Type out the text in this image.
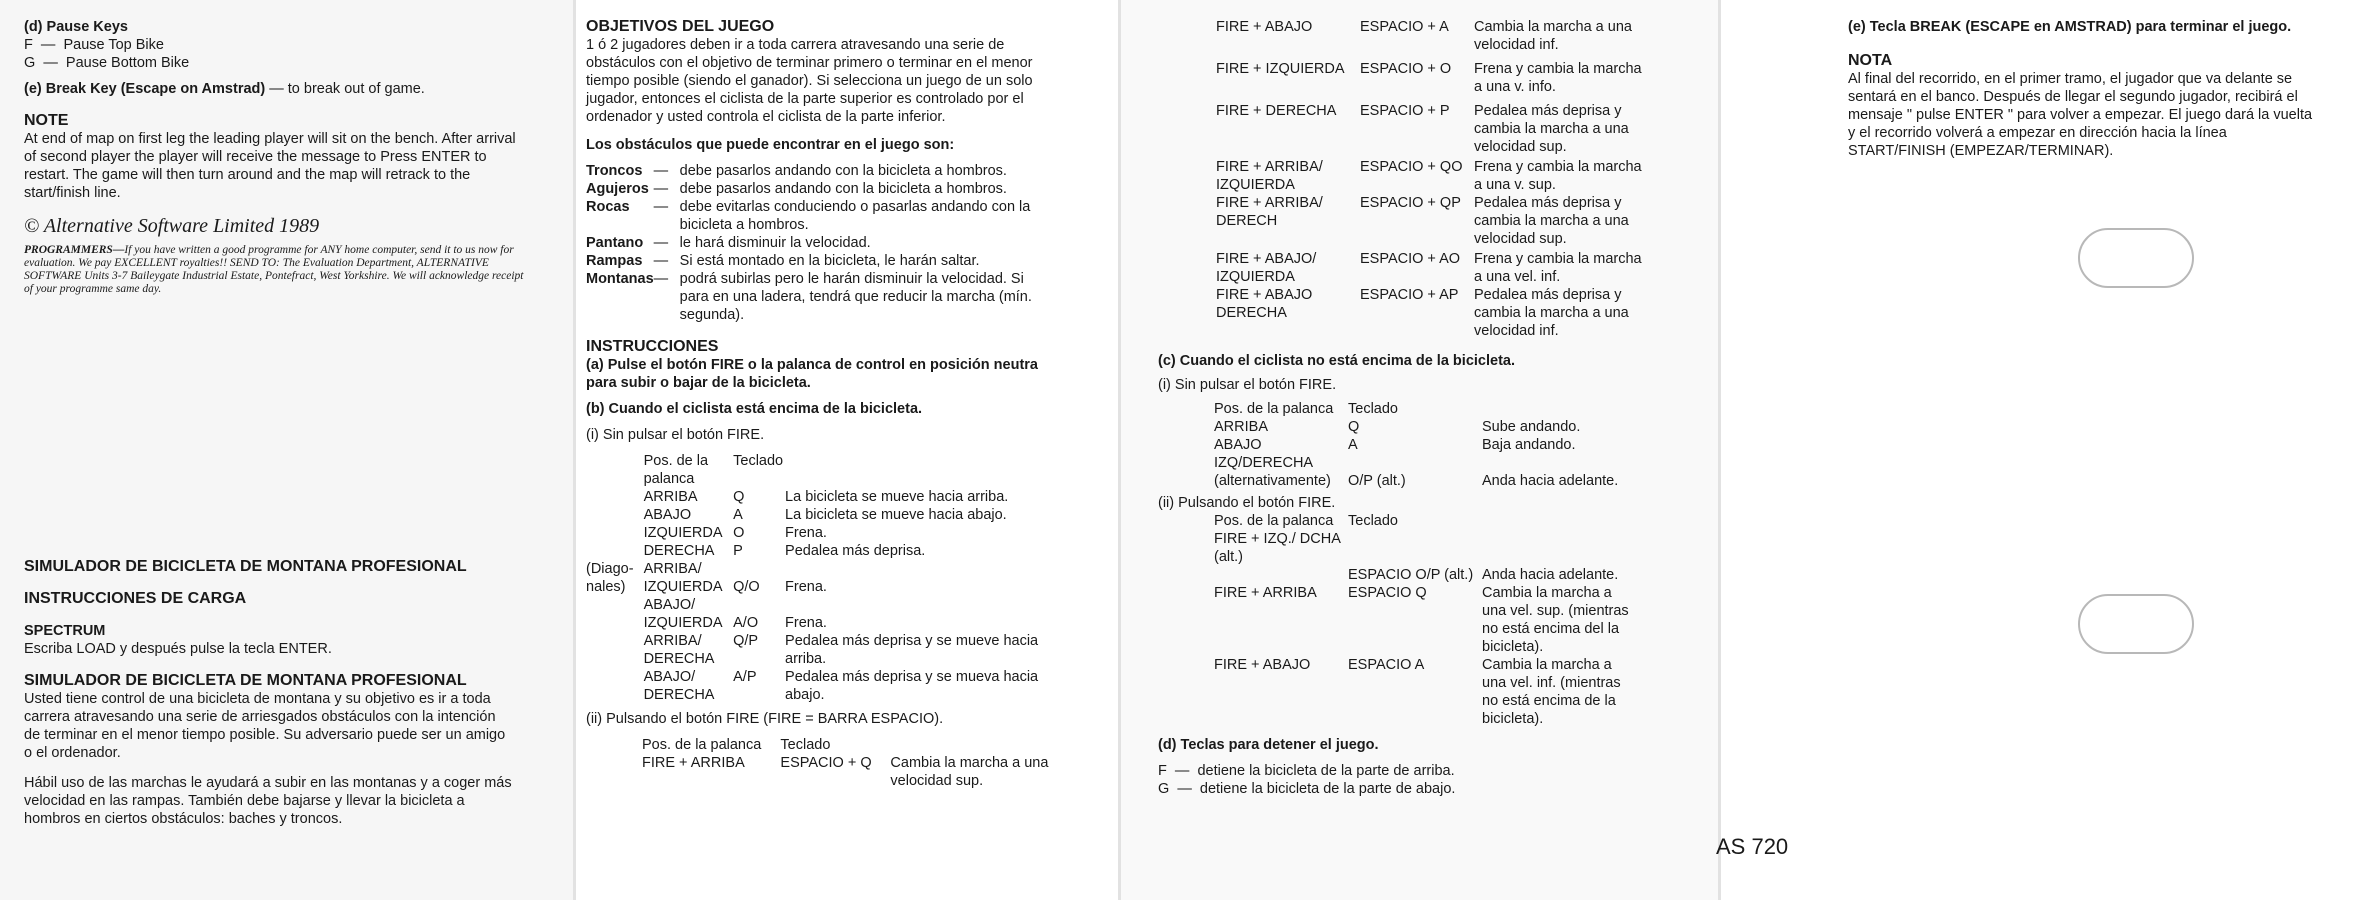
(d) Pause Keys

F  —  Pause Top Bike

G  —  Pause Bottom Bike

(e) Break Key (Escape on Amstrad) — to break out of game.

NOTE

At end of map on first leg the leading player will sit on the bench. After arrival of second player the player will receive the message to Press ENTER to restart. The game will then turn around and the map will retrack to the start/finish line.

© Alternative Software Limited 1989

PROGRAMMERS—If you have written a good programme for ANY home computer, send it to us now for evaluation. We pay EXCELLENT royalties!! SEND TO: The Evaluation Department, ALTERNATIVE SOFTWARE Units 3-7 Baileygate Industrial Estate, Pontefract, West Yorkshire. We will acknowledge receipt of your programme same day.

SIMULADOR DE BICICLETA DE MONTANA PROFESIONAL

INSTRUCCIONES DE CARGA

SPECTRUM

Escriba LOAD y después pulse la tecla ENTER.

SIMULADOR DE BICICLETA DE MONTANA PROFESIONAL

Usted tiene control de una bicicleta de montana y su objetivo es ir a toda carrera atravesando una serie de arriesgados obstáculos con la intención de terminar en el menor tiempo posible. Su adversario puede ser un amigo o el ordenador.

Hábil uso de las marchas le ayudará a subir en las montanas y a coger más velocidad en las rampas. También debe bajarse y llevar la bicicleta a hombros en ciertos obstáculos: baches y troncos.

OBJETIVOS DEL JUEGO

1 ó 2 jugadores deben ir a toda carrera atravesando una serie de obstáculos con el objetivo de terminar primero o terminar en el menor tiempo posible (siendo el ganador). Si selecciona un juego de un solo jugador, entonces el ciclista de la parte superior es controlado por el ordenador y usted controla el ciclista de la parte inferior.

Los obstáculos que puede encontrar en el juego son:

Troncos	—	debe pasarlos andando con la bicicleta a hombros.
Agujeros	—	debe pasarlos andando con la bicicleta a hombros.
Rocas	—	debe evitarlas conduciendo o pasarlas andando con la bicicleta a hombros.
Pantano	—	le hará disminuir la velocidad.
Rampas	—	Si está montado en la bicicleta, le harán saltar.
Montanas	—	podrá subirlas pero le harán disminuir la velocidad. Si para en una ladera, tendrá que reducir la marcha (mín. segunda).

INSTRUCCIONES

(a) Pulse el botón FIRE o la palanca de control en posición neutra para subir o bajar de la bicicleta.

(b) Cuando el ciclista está encima de la bicicleta.

(i) Sin pulsar el botón FIRE.

	Pos. de la palanca	Teclado	
	ARRIBA	Q	La bicicleta se mueve hacia arriba.
	ABAJO	A	La bicicleta se mueve hacia abajo.
	IZQUIERDA	O	Frena.
	DERECHA	P	Pedalea más deprisa.
(Diago- nales)	ARRIBA/ IZQUIERDA	Q/O	Frena.
	ABAJO/ IZQUIERDA	A/O	Frena.
	ARRIBA/ DERECHA	Q/P	Pedalea más deprisa y se mueve hacia arriba.
	ABAJO/ DERECHA	A/P	Pedalea más deprisa y se mueva hacia abajo.

(ii) Pulsando el botón FIRE (FIRE = BARRA ESPACIO).

Pos. de la palanca	Teclado	
FIRE + ARRIBA	ESPACIO + Q	Cambia la marcha a una velocidad sup.
FIRE + ABAJO	ESPACIO + A	Cambia la marcha a una velocidad inf.
FIRE + IZQUIERDA	ESPACIO + O	Frena y cambia la marcha a una v. info.
FIRE + DERECHA	ESPACIO + P	Pedalea más deprisa y cambia la marcha a una velocidad sup.
FIRE + ARRIBA/ IZQUIERDA	ESPACIO + QO	Frena y cambia la marcha a una v. sup.
FIRE + ARRIBA/ DERECH	ESPACIO + QP	Pedalea más deprisa y cambia la marcha a una velocidad sup.
FIRE + ABAJO/ IZQUIERDA	ESPACIO + AO	Frena y cambia la marcha a una vel. inf.
FIRE + ABAJO DERECHA	ESPACIO + AP	Pedalea más deprisa y cambia la marcha a una velocidad inf.

(c) Cuando el ciclista no está encima de la bicicleta.

(i) Sin pulsar el botón FIRE.

Pos. de la palanca	Teclado	
ARRIBA	Q	Sube andando.
ABAJO	A	Baja andando.
IZQ/DERECHA (alternativamente)	O/P (alt.)	Anda hacia adelante.

(ii) Pulsando el botón FIRE.

Pos. de la palanca	Teclado	
FIRE + IZQ./ DCHA (alt.)	ESPACIO O/P (alt.)	Anda hacia adelante.
FIRE + ARRIBA	ESPACIO Q	Cambia la marcha a una vel. sup. (mientras no está encima del la bicicleta).
FIRE + ABAJO	ESPACIO A	Cambia la marcha a una vel. inf. (mientras no está encima de la bicicleta).

(d) Teclas para detener el juego.

F  —  detiene la bicicleta de la parte de arriba.

G  —  detiene la bicicleta de la parte de abajo.

AS 720

(e) Tecla BREAK (ESCAPE en AMSTRAD) para terminar el juego.

NOTA

Al final del recorrido, en el primer tramo, el jugador que va delante se sentará en el banco. Después de llegar el segundo jugador, recibirá el mensaje " pulse ENTER " para volver a empezar. El juego dará la vuelta y el recorrido volverá a empezar en dirección hacia la línea START/FINISH (EMPEZAR/TERMINAR).
